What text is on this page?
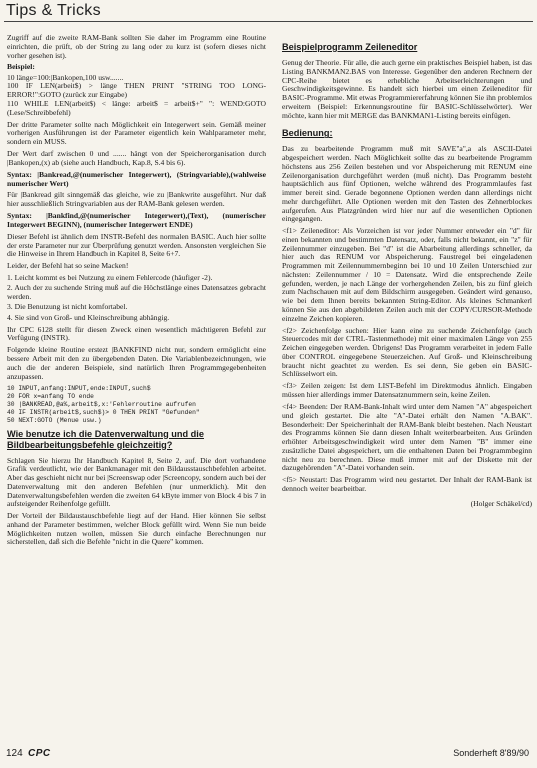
Tips & Tricks

Zugriff auf die zweite RAM-Bank sollten Sie daher im Programm eine Routine einrichten, die prüft, ob der String zu lang oder zu kurz ist (sofern dieses nicht vorher gesehen ist).

Beispiel:

10 länge=100:|Bankopen,100 usw.......
100 IF LEN(arbeit$) > länge THEN PRINT "STRING TOO LONG-ERROR!":GOTO (zurück zur Eingabe)
110 WHILE LEN(arbeit$) < länge: arbeit$ = arbeit$+" ": WEND:GOTO (Lese/Schreibbefehl)

Der dritte Parameter sollte nach Möglichkeit ein Integerwert sein. Gemäß meiner vorherigen Ausführungen ist der Parameter eigentlich kein Wahlparameter mehr, sondern ein MUSS.

Der Wert darf zwischen 0 und ....... hängt von der Speicherorganisation durch |Bankopen,(x) ab (siehe auch Handbuch, Kap.8, S.4 bis 6).

Syntax: |Bankread,@(numerischer Integerwert), (Stringvariable),(wahlweise numerischer Wert)

Für |Bankread gilt sinngemäß das gleiche, wie zu |Bankwrite ausgeführt. Nur daß hier ausschließlich Stringvariablen aus der RAM-Bank gelesen werden.

Syntax: |Bankfind,@(numerischer Integerwert),(Text), (numerischer Integerwert BEGINN), (numerischer Integerwert ENDE)

Dieser Befehl ist ähnlich dem INSTR-Befehl des normalen BASIC. Auch hier sollte der erste Parameter nur zur Überprüfung genutzt werden. Ansonsten vergleichen Sie die Hinweise in Ihrem Handbuch in Kapitel 8, Seite 6+7.

Leider, der Befehl hat so seine Macken!

1. Leicht kommt es bei Nutzung zu einem Fehlercode (häufiger -2).

2. Auch der zu suchende String muß auf die Höchstlänge eines Datensatzes gebracht werden.

3. Die Benutzung ist nicht komfortabel.

4. Sie sind von Groß- und Kleinschreibung abhängig.

Ihr CPC 6128 stellt für diesen Zweck einen wesentlich mächtigeren Befehl zur Verfügung (INSTR).

Folgende kleine Routine erstezt |BANKFIND nicht nur, sondern ermöglicht eine bessere Arbeit mit den zu übergebenden Daten. Die Variablenbezeichnungen, wie auch die der anderen Beispiele, sind natürlich Ihren Programmgegebenheiten anzupassen.

10 INPUT,anfang:INPUT,ende:INPUT,such$
20 FOR x=anfang TO ende
30 |BANKREAD,@a%,arbeit$,x:'Fehlerroutine aufrufen
40 IF INSTR(arbeit$,such$)> 0 THEN PRINT "Gefunden"
50 NEXT:GOTO (Menue usw.)
Wie benutze ich die Datenverwaltung und die Bildbearbeitungsbefehle gleichzeitig?

Schlagen Sie hierzu Ihr Handbuch Kapitel 8, Seite 2, auf. Die dort vorhandene Grafik verdeutlicht, wie der Bankmanager mit den Bildausstauschbefehlen arbeitet. Aber das geschieht nicht nur bei |Screenswap oder |Screencopy, sondern auch bei der Datenverwaltung mit den anderen Befehlen (nur unmerklich). Mit den Datenverwaltungsbefehlen werden die zweiten 64 kByte immer von Block 4 bis 7 in aufsteigender Reihenfolge gefüllt.

Der Vorteil der Bildaustauschbefehle liegt auf der Hand. Hier können Sie selbst anhand der Parameter bestimmen, welcher Block gefüllt wird. Wenn Sie nun beide Möglichkeiten nutzen wollen, müssen Sie durch einfache Berechnungen nur sicherstellen, daß sich die Befehle "nicht in die Quere" kommen.

Beispielprogramm Zeileneditor

Genug der Theorie. Für alle, die auch gerne ein praktisches Beispiel haben, ist das Listing BANKMAN2.BAS von Interesse. Gegenüber den anderen Rechnern der CPC-Reihe bietet es erhebliche Arbeitserleichterungen und Geschwindigkeitsgewinne. Es handelt sich hierbei um einen Zeileneditor für BASIC-Programme. Mit etwas Programmiererfahrung können Sie ihn problemlos erweitern (Beispiel: Erkennungsroutine für BASIC-Schlüsselwörter). Wer möchte, kann hier mit MERGE das BANKMAN1-Listing bereits einfügen.

Bedienung:

Das zu bearbeitende Programm muß mit SAVE"a",a als ASCII-Datei abgespeichert werden. Nach Möglichkeit sollte das zu bearbeitende Programm höchstens aus 256 Zeilen bestehen und vor Abspeicherung mit RENUM eine Zeilenorganisation durchgeführt werden (muß nicht). Das Programm besteht hauptsächlich aus fünf Optionen, welche während des Programmlaufes fast immer bereit sind. Gerade begonnene Optionen werden dann allerdings nicht mehr durchgeführt. Alle Optionen werden mit den Tasten des Zehnerblockes aufgerufen. Aus Platzgründen wird hier nur auf die wesentlichen Optionen eingegangen.

<f1> Zeileneditor: Als Vorzeichen ist vor jeder Nummer entweder ein "d" für einen bekannten und bestimmten Datensatz, oder, falls nicht bekannt, ein "z" für Zeilennummer einzugeben. Bei "d" ist die Abarbeitung allerdings schneller, da hier auch das RENUM vor Abspeicherung. Faustregel bei eingeladenen Programmen mit Zeilennummernbeginn bei 10 und 10 Zeilen Unterschied zur nächsten: Zeilennummer / 10 = Datensatz. Wird die entsprechende Zeile gefunden, werden, je nach Länge der vorhergehenden Zeilen, bis zu fünf gleich zum Nachschauen mit auf dem Bildschirm ausgegeben. Geändert wird genauso, wie bei dem Ihnen bereits bekannten String-Editor. Als kleines Schmankerl können Sie aus den abgebildeten Zeilen auch mit der COPY/CURSOR-Methode einzelne Zeichen kopieren.

<f2> Zeichenfolge suchen: Hier kann eine zu suchende Zeichenfolge (auch Steuercodes mit der CTRL-Tastenmethode) mit einer maximalen Länge von 255 Zeichen eingegeben werden. Übrigens! Das Programm verarbeitet in jedem Falle über CONTROL eingegebene Steuerzeichen. Auf Groß- und Kleinschreibung braucht nicht geachtet zu werden. Es sei denn, Sie geben ein BASIC-Schlüsselwort ein.

<f3> Zeilen zeigen: Ist dem LIST-Befehl im Direktmodus ähnlich. Eingaben müssen hier allerdings immer Datensatznummern sein, keine Zeilen.

<f4> Beenden: Der RAM-Bank-Inhalt wird unter dem Namen "A" abgespeichert und gleich gestartet. Die alte "A"-Datei erhält den Namen "A.BAK". Besonderheit: Der Speicherinhalt der RAM-Bank bleibt bestehen. Nach Neustart des Programms können Sie dann diesen Inhalt weiterbearbeiten. Aus Gründen erhöhter Arbeitsgeschwindigkeit wird unter dem Namen "B" immer eine zusätzliche Datei abgespeichert, um die enthaltenen Daten bei Programmbeginn nicht neu zu berechnen. Diese muß immer mit auf der Diskette mit der dazugehörenden "A"-Datei vorhanden sein.

<f5> Neustart: Das Programm wird neu gestartet. Der Inhalt der RAM-Bank ist dennoch weiter bearbeitbar.

(Holger Schäkel/cd)
124 CPC	Sonderheft 8'89/90
